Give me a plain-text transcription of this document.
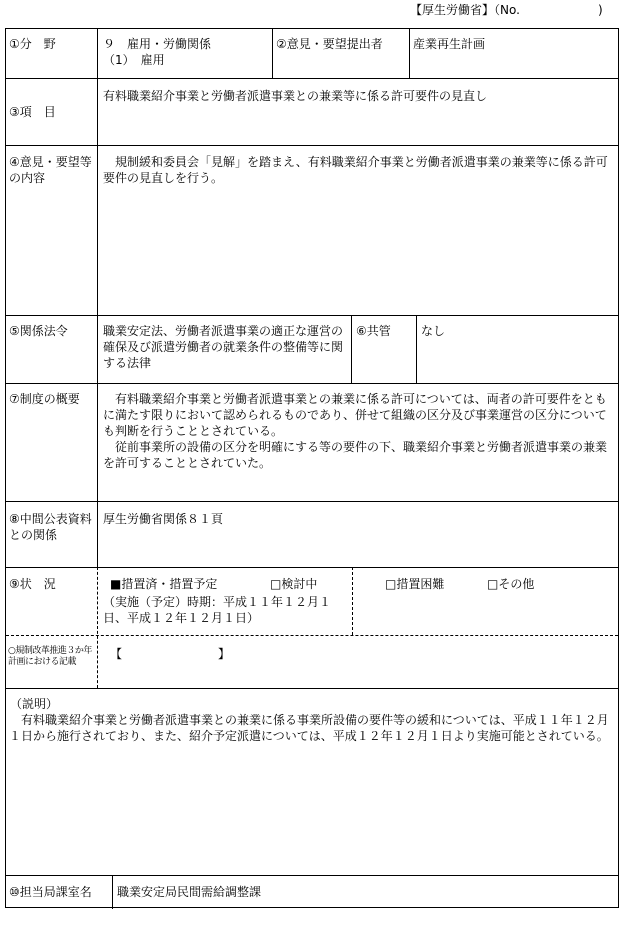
【厚生労働省】（No.	)
①分　野	９　雇用・労働関係
（1）　雇用
②意見・要望提出者	産業再生計画
③項　目
有料職業紹介事業と労働者派遣事業との兼業等に係る許可要件の見直し
④意見・要望等の内容
規制緩和委員会「見解」を踏まえ、有料職業紹介事業と労働者派遣事業の兼業等に係る許可要件の見直しを行う。
⑤関係法令	職業安定法、労働者派遣事業の適正な運営の確保及び派遣労働者の就業条件の整備等に関する法律
⑥共管	なし
⑦制度の概要	有料職業紹介事業と労働者派遣事業との兼業に係る許可については、両者の許可要件をともに満たす限りにおいて認められるものであり、併せて組織の区分及び事業運営の区分についても判断を行うこととされている。
従前事業所の設備の区分を明確にする等の要件の下、職業紹介事業と労働者派遣事業の兼業を許可することとされていた。
⑧中間公表資料との関係
厚生労働省関係８１頁
⑨状　況	■措置済・措置予定	□検討中	□措置困難	□その他
（実施（予定）時期：平成１１年１２月１日、平成１２年１２月１日）
○規制改革推進３か年計画における記載
【　　　　　　　　】
（説明）
有料職業紹介事業と労働者派遣事業との兼業に係る事業所設備の要件等の緩和については、平成１１年１２月１日から施行されており、また、紹介予定派遣については、平成１２年１２月１日より実施可能とされている。
⑩担当局課室名	職業安定局民間需給調整課
